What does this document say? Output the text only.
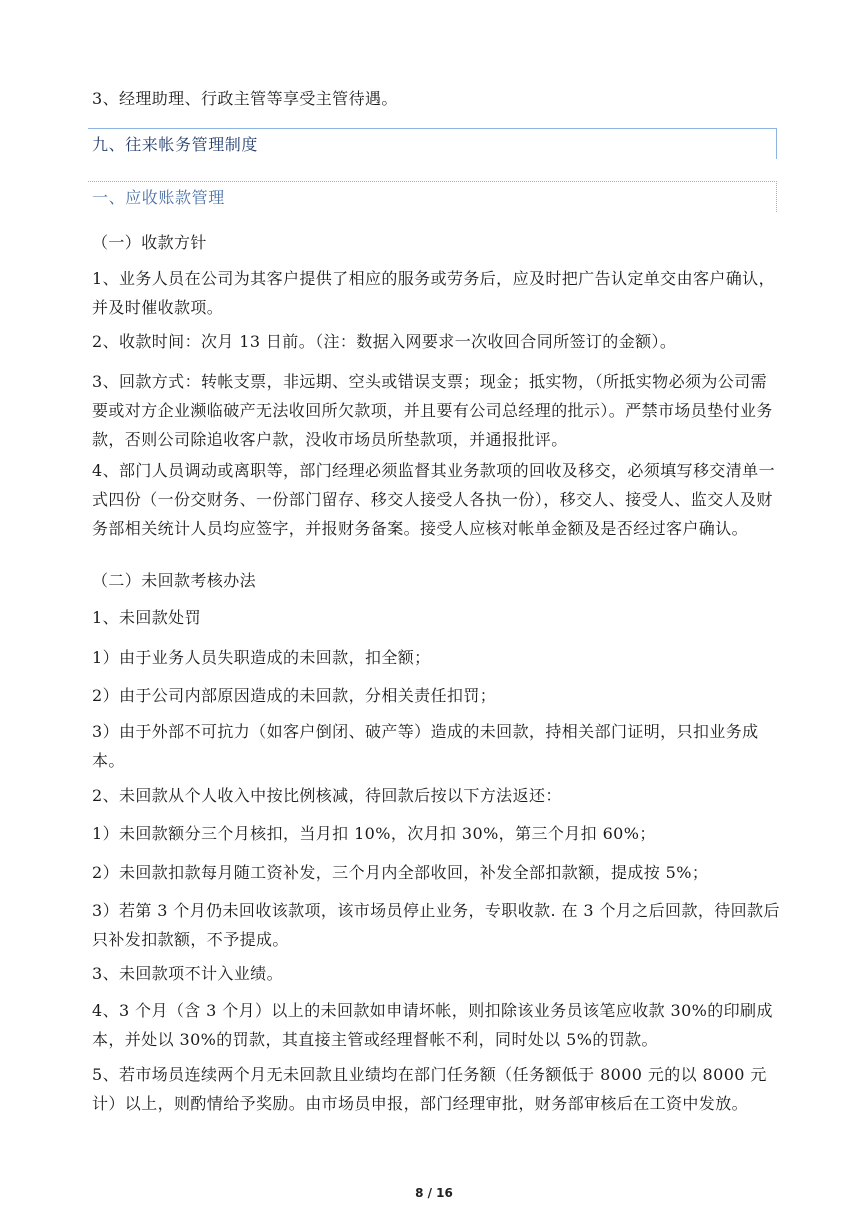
3、经理助理、行政主管等享受主管待遇。

九、往来帐务管理制度
一、应收账款管理

（一）收款方针

1、业务人员在公司为其客户提供了相应的服务或劳务后，应及时把广告认定单交由客户确认，并及时催收款项。

2、收款时间：次月 13 日前。（注：数据入网要求一次收回合同所签订的金额）。

3、回款方式：转帐支票，非远期、空头或错误支票；现金；抵实物，（所抵实物必须为公司需要或对方企业濒临破产无法收回所欠款项，并且要有公司总经理的批示）。严禁市场员垫付业务款，否则公司除追收客户款，没收市场员所垫款项，并通报批评。

4、部门人员调动或离职等，部门经理必须监督其业务款项的回收及移交，必须填写移交清单一式四份（一份交财务、一份部门留存、移交人接受人各执一份），移交人、接受人、监交人及财务部相关统计人员均应签字，并报财务备案。接受人应核对帐单金额及是否经过客户确认。

（二）未回款考核办法

1、未回款处罚

1）由于业务人员失职造成的未回款，扣全额；

2）由于公司内部原因造成的未回款，分相关责任扣罚；

3）由于外部不可抗力（如客户倒闭、破产等）造成的未回款，持相关部门证明，只扣业务成本。

2、未回款从个人收入中按比例核减，待回款后按以下方法返还：

1）未回款额分三个月核扣，当月扣 10%，次月扣 30%，第三个月扣 60%；

2）未回款扣款每月随工资补发，三个月内全部收回，补发全部扣款额，提成按 5%；

3）若第 3 个月仍未回收该款项，该市场员停止业务，专职收款. 在 3 个月之后回款，待回款后只补发扣款额，不予提成。

3、未回款项不计入业绩。

4、3 个月（含 3 个月）以上的未回款如申请坏帐，则扣除该业务员该笔应收款 30%的印刷成本，并处以 30%的罚款，其直接主管或经理督帐不利，同时处以 5%的罚款。

5、若市场员连续两个月无未回款且业绩均在部门任务额（任务额低于 8000 元的以 8000 元计）以上，则酌情给予奖励。由市场员申报，部门经理审批，财务部审核后在工资中发放。

8 / 16
